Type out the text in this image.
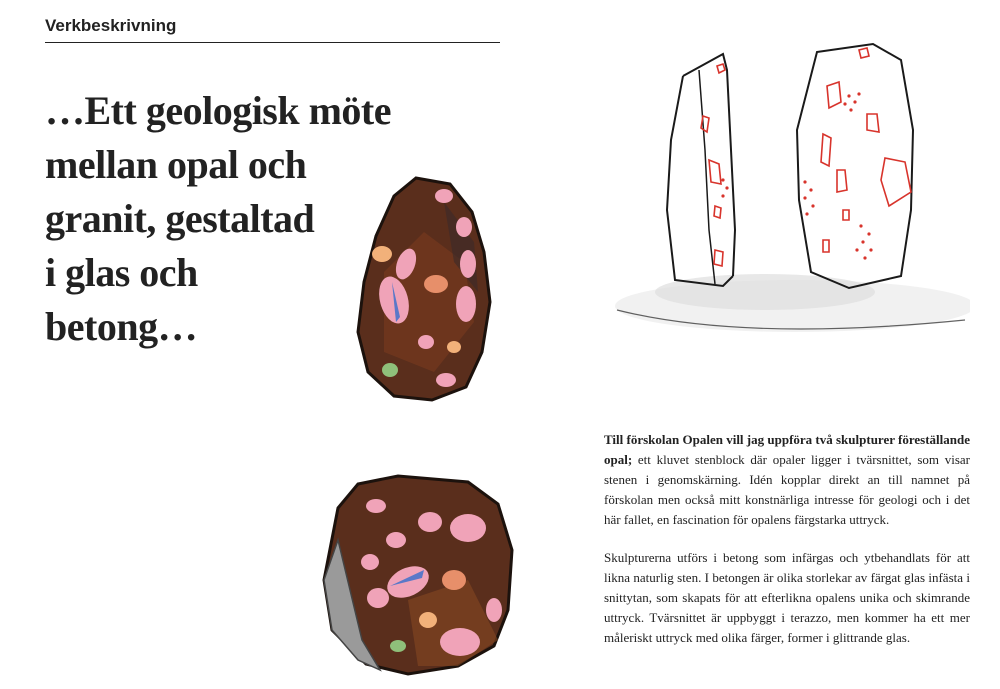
Verkbeskrivning
…Ett geologisk möte
mellan opal och
granit, gestaltad
i glas och
betong…

Till förskolan Opalen vill jag uppföra två skulpturer föreställande opal; ett kluvet stenblock där opaler ligger i tvärsnittet, som visar stenen i genomskärning. Idén kopplar direkt an till namnet på förskolan men också mitt konstnärliga intresse för geologi och i det här fallet, en fascination för opalens färgstarka uttryck.

Skulpturerna utförs i betong som infärgas och ytbehandlats för att likna naturlig sten. I betongen är olika storlekar av färgat glas infästa i snittytan, som skapats för att efterlikna opalens unika och skimrande uttryck. Tvärsnittet är uppbyggt i terazzo, men kommer ha ett mer måleriskt uttryck med olika färger, former i glittrande glas.
